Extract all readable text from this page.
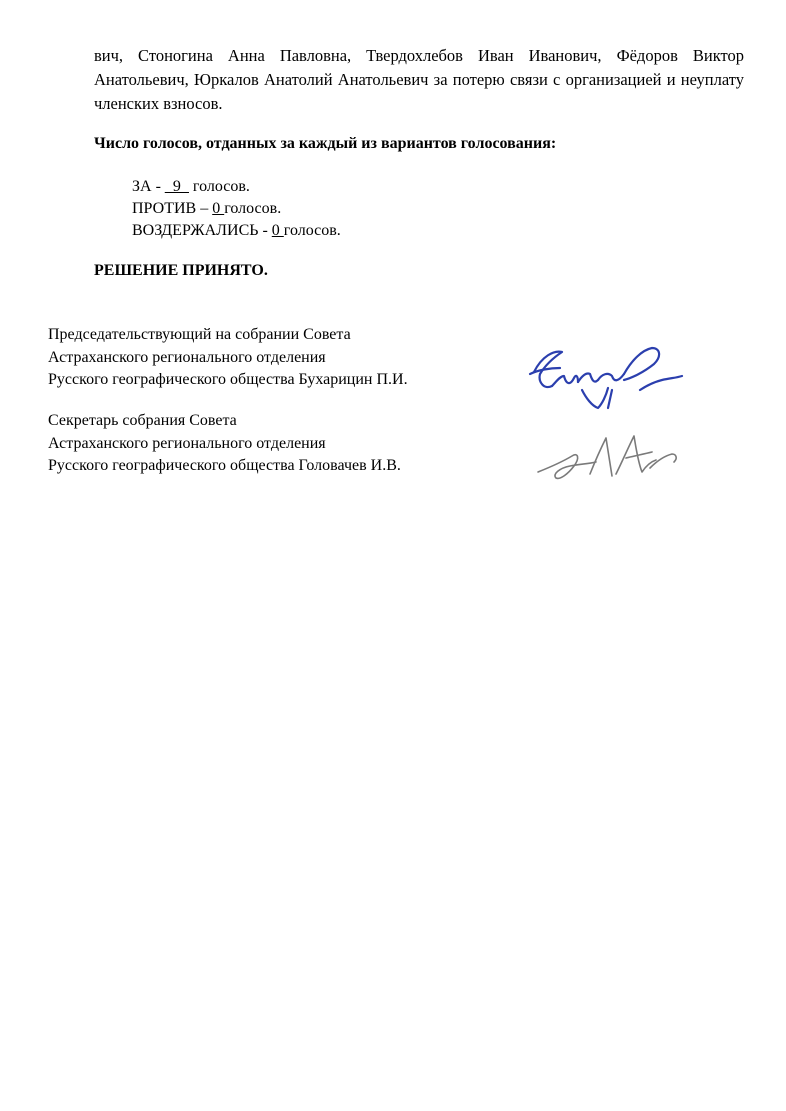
вич, Стоногина Анна Павловна, Твердохлебов Иван Иванович, Фёдоров Виктор Анатольевич, Юркалов Анатолий Анатольевич за потерю связи с организацией и неуплату членских взносов.

Число голосов, отданных за каждый из вариантов голосования:

ЗА - _9_ голосов.

ПРОТИВ – 0 голосов.

ВОЗДЕРЖАЛИСЬ - 0 голосов.

РЕШЕНИЕ ПРИНЯТО.

Председательствующий на собрании Совета
Астраханского регионального отделения
Русского географического общества Бухарицин П.И.
Секретарь собрания Совета
Астраханского регионального отделения
Русского географического общества Головачев И.В.
